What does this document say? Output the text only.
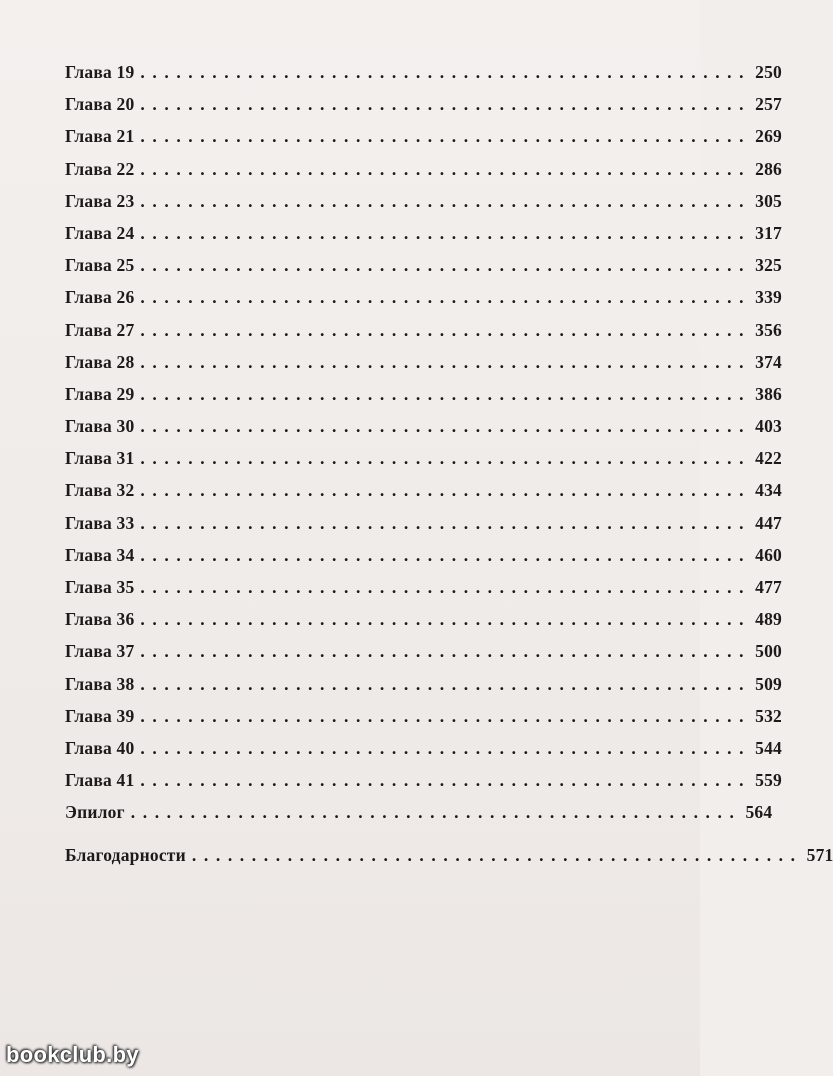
Глава 19 ................................................... 250
Глава 20 ................................................... 257
Глава 21 ................................................... 269
Глава 22 ................................................... 286
Глава 23 ................................................... 305
Глава 24 ................................................... 317
Глава 25 ................................................... 325
Глава 26 ................................................... 339
Глава 27 ................................................... 356
Глава 28 ................................................... 374
Глава 29 ................................................... 386
Глава 30 ................................................... 403
Глава 31 ................................................... 422
Глава 32 ................................................... 434
Глава 33 ................................................... 447
Глава 34 ................................................... 460
Глава 35 ................................................... 477
Глава 36 ................................................... 489
Глава 37 ................................................... 500
Глава 38 ................................................... 509
Глава 39 ................................................... 532
Глава 40 ................................................... 544
Глава 41 ................................................... 559
Эпилог ................................................... 564
Благодарности ................................................... 571
bookclub.by
